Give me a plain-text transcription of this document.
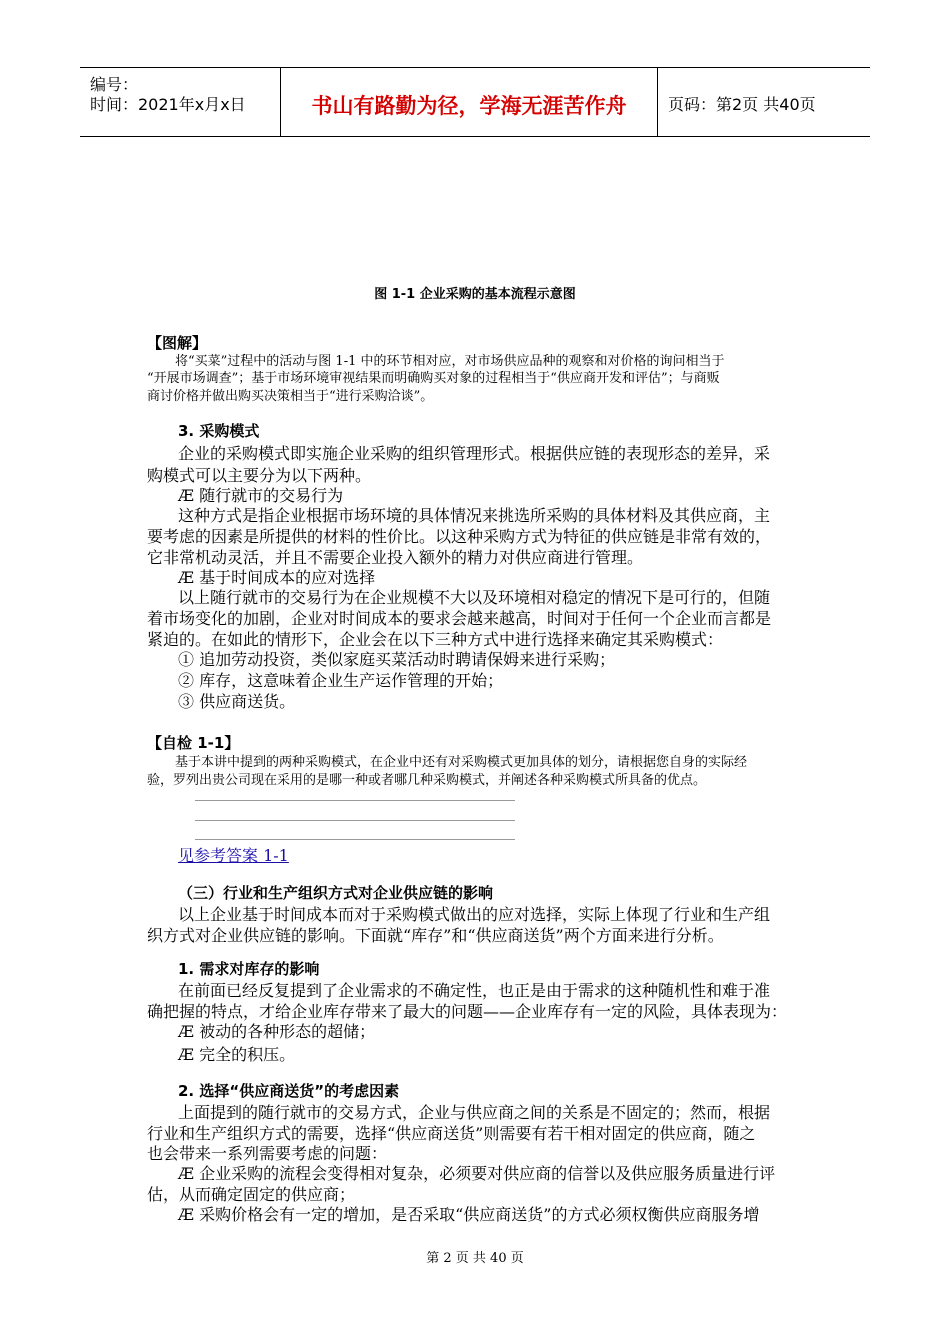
编号：
时间：2021年x月x日	书山有路勤为径，学海无涯苦作舟	页码：第2页 共40页
图 1-1 企业采购的基本流程示意图
【图解】
将“买菜”过程中的活动与图 1-1 中的环节相对应，对市场供应品种的观察和对价格的询问相当于
“开展市场调查”；基于市场环境审视结果而明确购买对象的过程相当于“供应商开发和评估”；与商贩
商讨价格并做出购买决策相当于“进行采购洽谈”。
3. 采购模式
企业的采购模式即实施企业采购的组织管理形式。根据供应链的表现形态的差异，采
购模式可以主要分为以下两种。
Æ 随行就市的交易行为
这种方式是指企业根据市场环境的具体情况来挑选所采购的具体材料及其供应商，主
要考虑的因素是所提供的材料的性价比。以这种采购方式为特征的供应链是非常有效的，
它非常机动灵活，并且不需要企业投入额外的精力对供应商进行管理。
Æ 基于时间成本的应对选择
以上随行就市的交易行为在企业规模不大以及环境相对稳定的情况下是可行的，但随
着市场变化的加剧，企业对时间成本的要求会越来越高，时间对于任何一个企业而言都是
紧迫的。在如此的情形下，企业会在以下三种方式中进行选择来确定其采购模式：
① 追加劳动投资，类似家庭买菜活动时聘请保姆来进行采购；
② 库存，这意味着企业生产运作管理的开始；
③ 供应商送货。
【自检 1-1】
基于本讲中提到的两种采购模式，在企业中还有对采购模式更加具体的划分，请根据您自身的实际经
验，罗列出贵公司现在采用的是哪一种或者哪几种采购模式，并阐述各种采购模式所具备的优点。
见参考答案 1-1
（三）行业和生产组织方式对企业供应链的影响
以上企业基于时间成本而对于采购模式做出的应对选择，实际上体现了行业和生产组
织方式对企业供应链的影响。下面就“库存”和“供应商送货”两个方面来进行分析。
1. 需求对库存的影响
在前面已经反复提到了企业需求的不确定性，也正是由于需求的这种随机性和难于准
确把握的特点，才给企业库存带来了最大的问题——企业库存有一定的风险，具体表现为：
Æ 被动的各种形态的超储；
Æ 完全的积压。
2. 选择“供应商送货”的考虑因素
上面提到的随行就市的交易方式，企业与供应商之间的关系是不固定的；然而，根据
行业和生产组织方式的需要，选择“供应商送货”则需要有若干相对固定的供应商，随之
也会带来一系列需要考虑的问题：
Æ 企业采购的流程会变得相对复杂，必须要对供应商的信誉以及供应服务质量进行评
估，从而确定固定的供应商；
Æ 采购价格会有一定的增加，是否采取“供应商送货”的方式必须权衡供应商服务增
第 2 页 共 40 页
